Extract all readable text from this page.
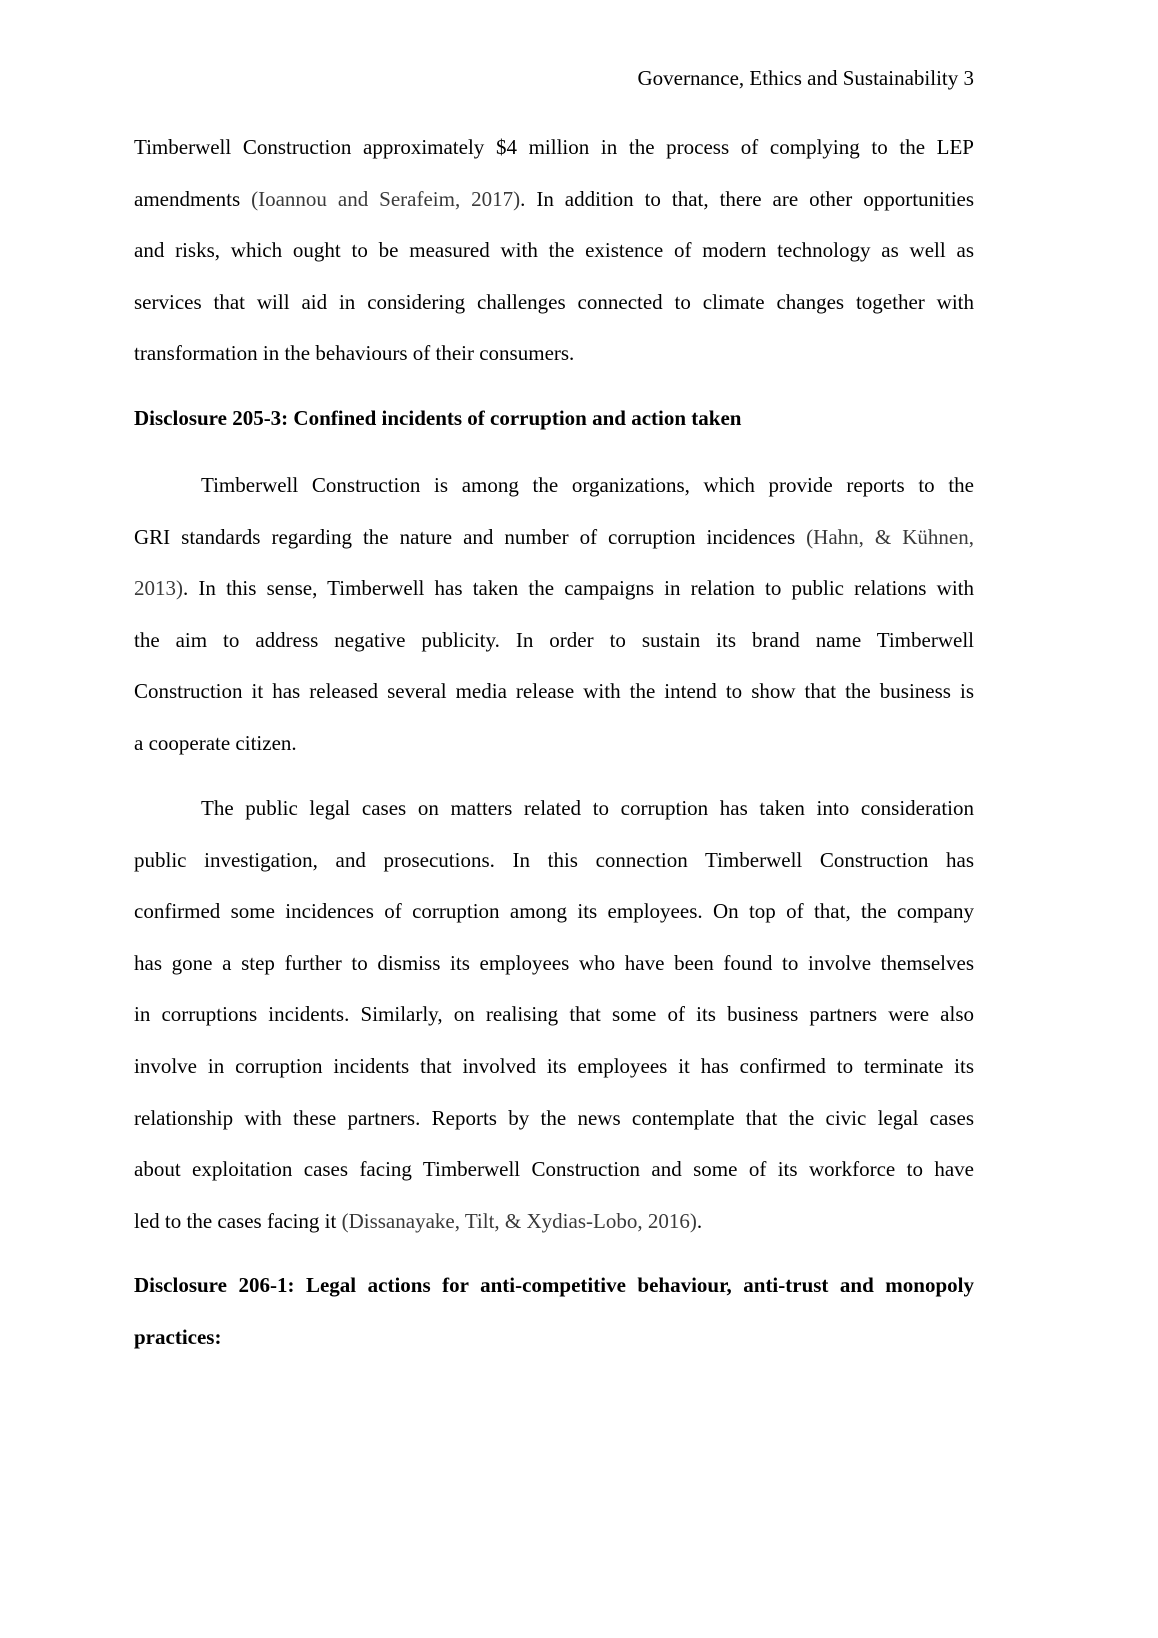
Governance, Ethics and Sustainability 3
Timberwell Construction approximately $4 million in the process of complying to the LEP
amendments (Ioannou and Serafeim, 2017). In addition to that, there are other opportunities
and risks, which ought to be measured with the existence of modern technology as well as
services that will aid in considering challenges connected to climate changes together with
transformation in the behaviours of their consumers.
Disclosure 205-3: Confined incidents of corruption and action taken
Timberwell Construction is among the organizations, which provide reports to the
GRI standards regarding the nature and number of corruption incidences (Hahn, & Kühnen,
2013). In this sense, Timberwell has taken the campaigns in relation to public relations with
the aim to address negative publicity. In order to sustain its brand name Timberwell
Construction it has released several media release with the intend to show that the business is
a cooperate citizen.
The public legal cases on matters related to corruption has taken into consideration
public investigation, and prosecutions. In this connection Timberwell Construction has
confirmed some incidences of corruption among its employees. On top of that, the company
has gone a step further to dismiss its employees who have been found to involve themselves
in corruptions incidents. Similarly, on realising that some of its business partners were also
involve in corruption incidents that involved its employees it has confirmed to terminate its
relationship with these partners. Reports by the news contemplate that the civic legal cases
about exploitation cases facing Timberwell Construction and some of its workforce to have
led to the cases facing it (Dissanayake, Tilt, & Xydias-Lobo, 2016).
Disclosure 206-1: Legal actions for anti-competitive behaviour, anti-trust and monopoly
practices:
